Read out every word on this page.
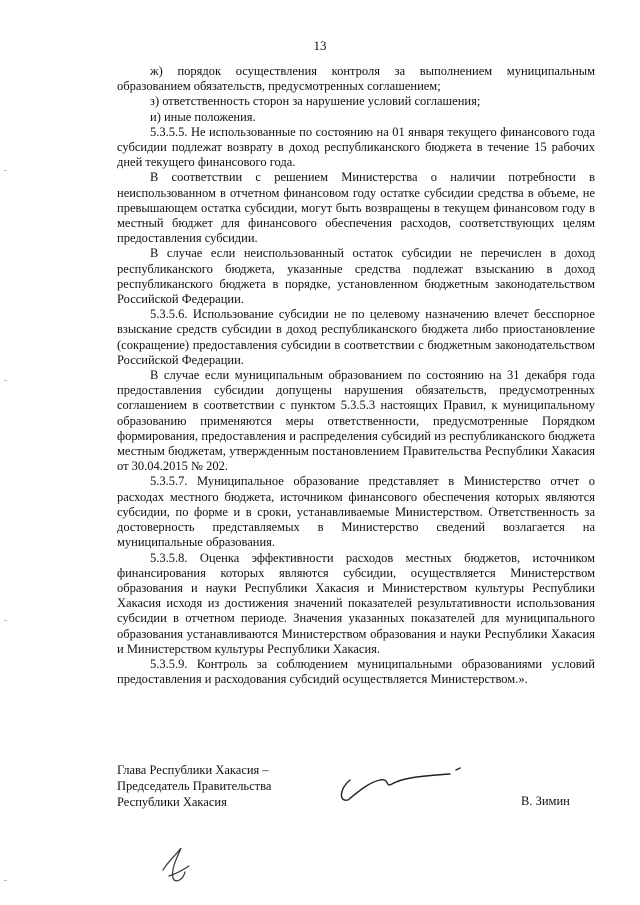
13

ж) порядок осуществления контроля за выполнением муниципальным образованием обязательств, предусмотренных соглашением;

з) ответственность сторон за нарушение условий соглашения;

и) иные положения.

5.3.5.5. Не использованные по состоянию на 01 января текущего финансового года субсидии подлежат возврату в доход республиканского бюджета в течение 15 рабочих дней текущего финансового года.

В соответствии с решением Министерства о наличии потребности в неиспользованном в отчетном финансовом году остатке субсидии средства в объеме, не превышающем остатка субсидии, могут быть возвращены в текущем финансовом году в местный бюджет для финансового обеспечения расходов, соответствующих целям предоставления субсидии.

В случае если неиспользованный остаток субсидии не перечислен в доход республиканского бюджета, указанные средства подлежат взысканию в доход республиканского бюджета в порядке, установленном бюджетным законодательством Российской Федерации.

5.3.5.6. Использование субсидии не по целевому назначению влечет бесспорное взыскание средств субсидии в доход республиканского бюджета либо приостановление (сокращение) предоставления субсидии в соответствии с бюджетным законодательством Российской Федерации.

В случае если муниципальным образованием по состоянию на 31 декабря года предоставления субсидии допущены нарушения обязательств, предусмотренных соглашением в соответствии с пунктом 5.3.5.3 настоящих Правил, к муниципальному образованию применяются меры ответственности, предусмотренные Порядком формирования, предоставления и распределения субсидий из республиканского бюджета местным бюджетам, утвержденным постановлением Правительства Республики Хакасия от 30.04.2015 № 202.

5.3.5.7. Муниципальное образование представляет в Министерство отчет о расходах местного бюджета, источником финансового обеспечения которых являются субсидии, по форме и в сроки, устанавливаемые Министерством. Ответственность за достоверность представляемых в Министерство сведений возлагается на муниципальные образования.

5.3.5.8. Оценка эффективности расходов местных бюджетов, источником финансирования которых являются субсидии, осуществляется Министерством образования и науки Республики Хакасия и Министерством культуры Республики Хакасия исходя из достижения значений показателей результативности использования субсидии в отчетном периоде. Значения указанных показателей для муниципального образования устанавливаются Министерством образования и науки Республики Хакасия и Министерством культуры Республики Хакасия.

5.3.5.9. Контроль за соблюдением муниципальными образованиями условий предоставления и расходования субсидий осуществляется Министерством.».

Глава Республики Хакасия –
Председатель Правительства
Республики Хакасия	В. Зимин
